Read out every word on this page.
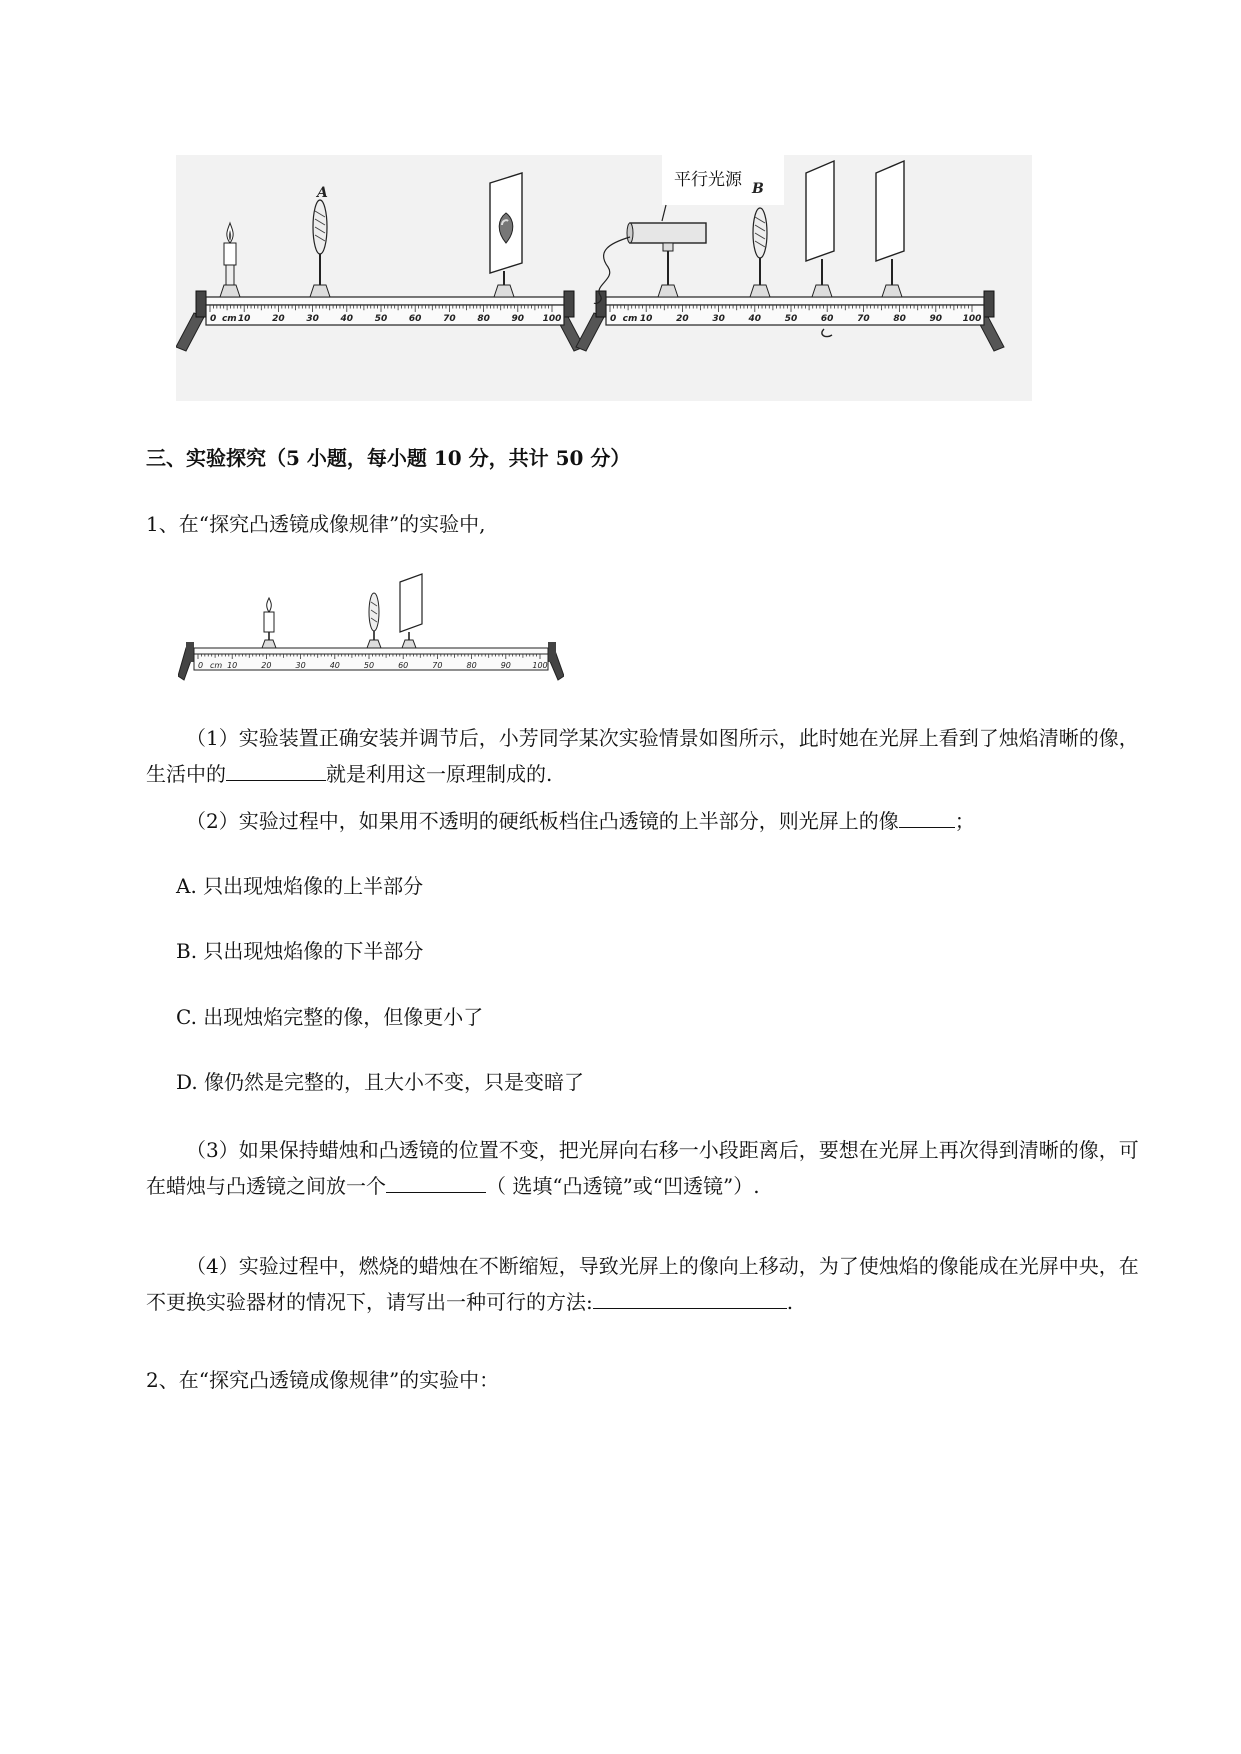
0 10 20 30 40 50 60 70 80 90 100
cm
A
0	10	20	30	40	50	60	70	80	90 100
cm
平行光源 B
三、实验探究（5 小题，每小题 10 分，共计 50 分）
1、在“探究凸透镜成像规律”的实验中,
0	10	20	30	40	50	60	70	80	90	100
cm
（1）实验装置正确安装并调节后，小芳同学某次实验情景如图所示，此时她在光屏上看到了烛焰清晰的像，生活中的	就是利用这一原理制成的.
（2）实验过程中，如果用不透明的硬纸板档住凸透镜的上半部分，则光屏上的像	；
A. 只出现烛焰像的上半部分
B. 只出现烛焰像的下半部分
C. 出现烛焰完整的像，但像更小了
D. 像仍然是完整的，且大小不变，只是变暗了
（3）如果保持蜡烛和凸透镜的位置不变，把光屏向右移一小段距离后，要想在光屏上再次得到清晰的像，可在蜡烛与凸透镜之间放一个	（ 选填“凸透镜”或“凹透镜”）.
（4）实验过程中，燃烧的蜡烛在不断缩短，导致光屏上的像向上移动，为了使烛焰的像能成在光屏中央，在不更换实验器材的情况下，请写出一种可行的方法:	.
2、在“探究凸透镜成像规律”的实验中：
